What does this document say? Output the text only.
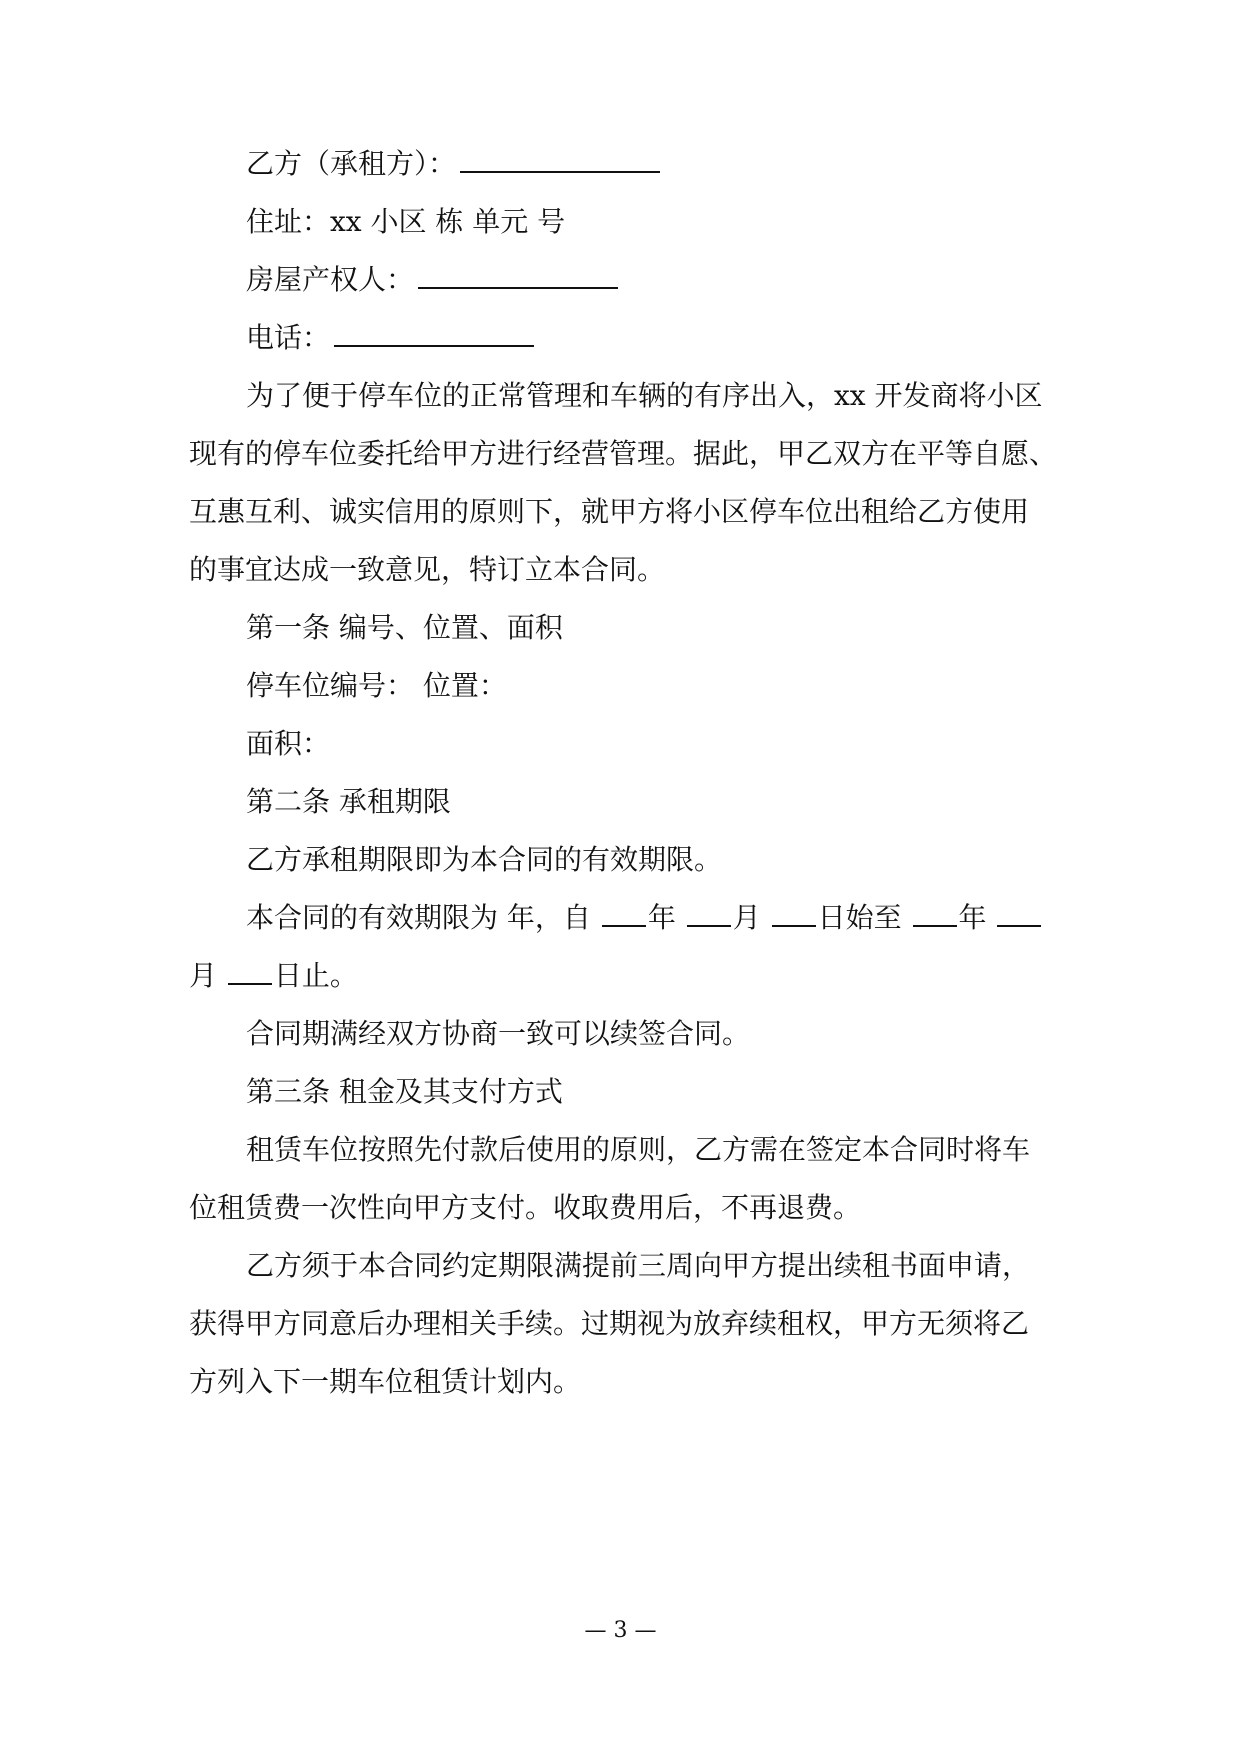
乙方（承租方）：
住址：xx 小区 栋 单元 号
房屋产权人：
电话：
为了便于停车位的正常管理和车辆的有序出入，xx 开发商将小区
现有的停车位委托给甲方进行经营管理。据此，甲乙双方在平等自愿、
互惠互利、诚实信用的原则下，就甲方将小区停车位出租给乙方使用
的事宜达成一致意见，特订立本合同。
第一条 编号、位置、面积
停车位编号： 位置：
面积：
第二条 承租期限
乙方承租期限即为本合同的有效期限。
本合同的有效期限为 年，自 年 月 日始至 年
月 日止。
合同期满经双方协商一致可以续签合同。
第三条 租金及其支付方式
租赁车位按照先付款后使用的原则，乙方需在签定本合同时将车
位租赁费一次性向甲方支付。收取费用后，不再退费。
乙方须于本合同约定期限满提前三周向甲方提出续租书面申请，
获得甲方同意后办理相关手续。过期视为放弃续租权，甲方无须将乙
方列入下一期车位租赁计划内。
— 3 —
